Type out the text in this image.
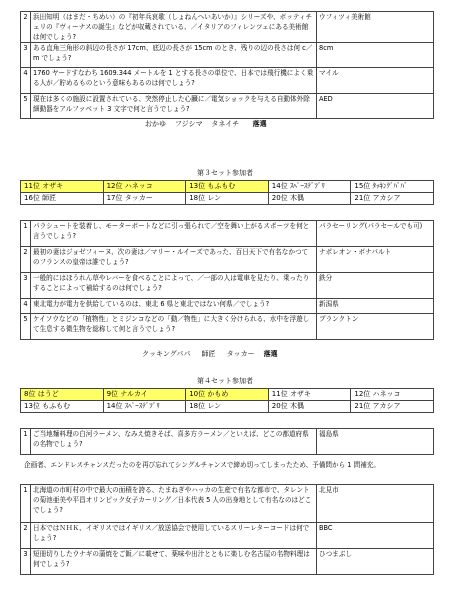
2	浜田知明（はまだ・ちめい）の『初年兵哀歌（しょねんへいあいか）』シリーズや、ボッティチェリの『ヴィーナスの誕生』などが収蔵されている、／イタリアのフィレンツェにある美術館は何でしょう?	ウフィツィ美術館
3	ある直角三角形の斜辺の長さが 17cm、底辺の長さが 15cm のとき、残りの辺の長さは何 c／m でしょう?	8cm
4	1760 ヤードすなわち 1609.344 メートルを 1 とする長さの単位で、日本では飛行機によく乗る人が／貯めるものという意味もあるのは何でしょう?	マイル
5	現在は多くの施設に設置されている、突然停止した心臓に／電気ショックを与える自動体外除細動器をアルファベット 3 文字で何と言うでしょう?	AED
おかゆ フジシマ タネイチ 落選
第３セット参加者
11位 オザキ	12位 ハネッコ	13位 もふもむ	14位 ｽﾍﾟｰｽﾃﾞﾌﾞﾘ	15位 ﾀｯｷﾝｸﾞﾊﾞﾊﾞ
16位 師匠	17位 タッカー	18位 レン	20位 木偶	21位 アカシア
1	パラシュートを装着し、モーターボートなどに引っ張られて／空を舞い上がるスポーツを何と言うでしょう?	パラセーリング(パラセールでも可)
2	最初の妻はジョゼフィーヌ、次の妻は／マリー・ルイーズであった、百日天下で有名なかつてのフランスの皇帝は誰でしょう?	ナポレオン・ボナパルト
3	一般的にはほうれん草やレバーを食べることによって、／一部の人は電車を見たり、乗ったりすることによって補給するのは何でしょう?	鉄分
4	東北電力が電力を供給しているのは、東北 6 県と東北ではない何県／でしょう?	新潟県
5	ケイソウなどの「植物性」とミジンコなどの「動／物性」に大きく分けられる、水中を浮遊して生息する微生物を総称して何と言うでしょう?	プランクトン
クッキングパパ 師匠 タッカー 落選
第４セット参加者
8位 はうど	9位 ナルカイ	10位 かもめ	11位 オザキ	12位 ハネッコ
13位 もふもむ	14位 ｽﾍﾟｰｽﾃﾞﾌﾞﾘ	18位 レン	20位 木偶	21位 アカシア
1	ご当地麺料理の白河ラーメン、なみえ焼きそば、喜多方ラーメン／といえば、どこの都道府県の名物でしょう?	福島県
企画者、エンドレスチャンスだったのを再び忘れてシングルチャンスで締め切ってしまったため、予備問から 1 問補充。
1	北海道の市町村の中で最大の面積を誇る、たまねぎやハッカの生産で有名な都市で、タレントの菊池亜美や平昌オリンピック女子カーリング／日本代表 5 人の出身地として有名なのはどこでしょう?	北見市
2	日本ではＮＨＫ、イギリスではイギリス／放送協会で使用しているスリーレターコードは何でしょう?	BBC
3	短冊切りしたウナギの蒲焼をご飯／に載せて、薬味や出汁とともに楽しむ名古屋の名物料理は何でしょう?	ひつまぶし
